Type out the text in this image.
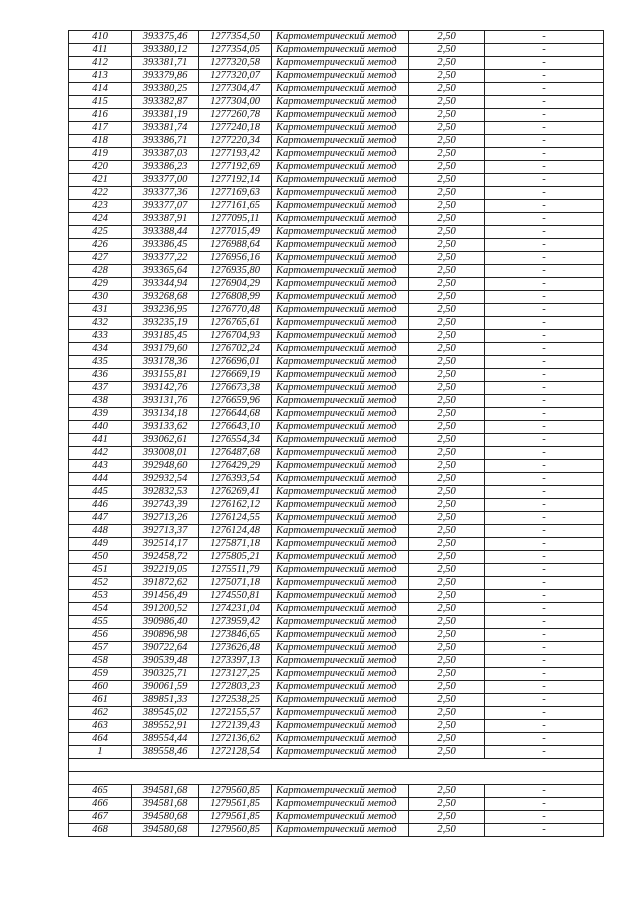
410	393375,46	1277354,50	Картометрический метод	2,50	-
411	393380,12	1277354,05	Картометрический метод	2,50	-
412	393381,71	1277320,58	Картометрический метод	2,50	-
413	393379,86	1277320,07	Картометрический метод	2,50	-
414	393380,25	1277304,47	Картометрический метод	2,50	-
415	393382,87	1277304,00	Картометрический метод	2,50	-
416	393381,19	1277260,78	Картометрический метод	2,50	-
417	393381,74	1277240,18	Картометрический метод	2,50	-
418	393386,71	1277220,34	Картометрический метод	2,50	-
419	393387,03	1277193,42	Картометрический метод	2,50	-
420	393386,23	1277192,69	Картометрический метод	2,50	-
421	393377,00	1277192,14	Картометрический метод	2,50	-
422	393377,36	1277169,63	Картометрический метод	2,50	-
423	393377,07	1277161,65	Картометрический метод	2,50	-
424	393387,91	1277095,11	Картометрический метод	2,50	-
425	393388,44	1277015,49	Картометрический метод	2,50	-
426	393386,45	1276988,64	Картометрический метод	2,50	-
427	393377,22	1276956,16	Картометрический метод	2,50	-
428	393365,64	1276935,80	Картометрический метод	2,50	-
429	393344,94	1276904,29	Картометрический метод	2,50	-
430	393268,68	1276808,99	Картометрический метод	2,50	-
431	393236,95	1276770,48	Картометрический метод	2,50	-
432	393235,19	1276765,61	Картометрический метод	2,50	-
433	393185,45	1276704,93	Картометрический метод	2,50	-
434	393179,60	1276702,24	Картометрический метод	2,50	-
435	393178,36	1276696,01	Картометрический метод	2,50	-
436	393155,81	1276669,19	Картометрический метод	2,50	-
437	393142,76	1276673,38	Картометрический метод	2,50	-
438	393131,76	1276659,96	Картометрический метод	2,50	-
439	393134,18	1276644,68	Картометрический метод	2,50	-
440	393133,62	1276643,10	Картометрический метод	2,50	-
441	393062,61	1276554,34	Картометрический метод	2,50	-
442	393008,01	1276487,68	Картометрический метод	2,50	-
443	392948,60	1276429,29	Картометрический метод	2,50	-
444	392932,54	1276393,54	Картометрический метод	2,50	-
445	392832,53	1276269,41	Картометрический метод	2,50	-
446	392743,39	1276162,12	Картометрический метод	2,50	-
447	392713,26	1276124,55	Картометрический метод	2,50	-
448	392713,37	1276124,48	Картометрический метод	2,50	-
449	392514,17	1275871,18	Картометрический метод	2,50	-
450	392458,72	1275805,21	Картометрический метод	2,50	-
451	392219,05	1275511,79	Картометрический метод	2,50	-
452	391872,62	1275071,18	Картометрический метод	2,50	-
453	391456,49	1274550,81	Картометрический метод	2,50	-
454	391200,52	1274231,04	Картометрический метод	2,50	-
455	390986,40	1273959,42	Картометрический метод	2,50	-
456	390896,98	1273846,65	Картометрический метод	2,50	-
457	390722,64	1273626,48	Картометрический метод	2,50	-
458	390539,48	1273397,13	Картометрический метод	2,50	-
459	390325,71	1273127,25	Картометрический метод	2,50	-
460	390061,59	1272803,23	Картометрический метод	2,50	-
461	389851,33	1272538,25	Картометрический метод	2,50	-
462	389545,02	1272155,57	Картометрический метод	2,50	-
463	389552,91	1272139,43	Картометрический метод	2,50	-
464	389554,44	1272136,62	Картометрический метод	2,50	-
1	389558,46	1272128,54	Картометрический метод	2,50	-

465	394581,68	1279560,85	Картометрический метод	2,50	-
466	394581,68	1279561,85	Картометрический метод	2,50	-
467	394580,68	1279561,85	Картометрический метод	2,50	-
468	394580,68	1279560,85	Картометрический метод	2,50	-
